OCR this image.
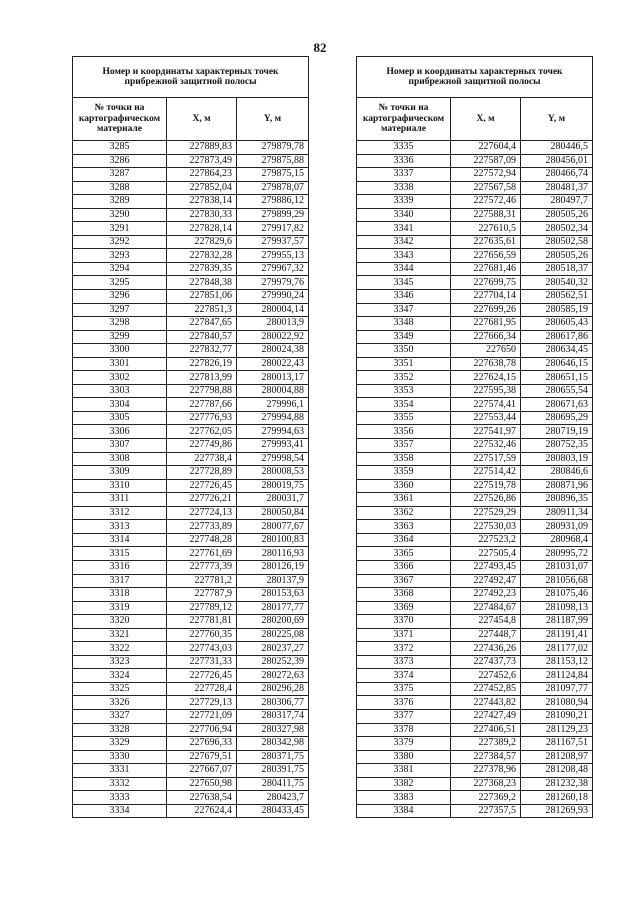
82
Номер и координаты характерных точек прибрежной защитной полосы		
№ точки на картографическом материале	X, м	Y, м
3285	227889,83	279879,78
3286	227873,49	279875,88
3287	227864,23	279875,15
3288	227852,04	279878,07
3289	227838,14	279886,12
3290	227830,33	279899,29
3291	227828,14	279917,82
3292	227829,6	279937,57
3293	227832,28	279955,13
3294	227839,35	279967,32
3295	227848,38	279979,76
3296	227851,06	279990,24
3297	227851,3	280004,14
3298	227847,65	280013,9
3299	227840,57	280022,92
3300	227832,77	280024,38
3301	227826,19	280022,43
3302	227813,99	280013,17
3303	227798,88	280004,88
3304	227787,66	279996,1
3305	227776,93	279994,88
3306	227762,05	279994,63
3307	227749,86	279993,41
3308	227738,4	279998,54
3309	227728,89	280008,53
3310	227726,45	280019,75
3311	227726,21	280031,7
3312	227724,13	280050,84
3313	227733,89	280077,67
3314	227748,28	280100,83
3315	227761,69	280116,93
3316	227773,39	280126,19
3317	227781,2	280137,9
3318	227787,9	280153,63
3319	227789,12	280177,77
3320	227781,81	280200,69
3321	227760,35	280225,08
3322	227743,03	280237,27
3323	227731,33	280252,39
3324	227726,45	280272,63
3325	227728,4	280296,28
3326	227729,13	280306,77
3327	227721,09	280317,74
3328	227706,94	280327,98
3329	227696,33	280342,98
3330	227679,51	280371,75
3331	227667,07	280391,75
3332	227650,98	280411,75
3333	227638,54	280423,7
3334	227624,4	280433,45
Номер и координаты характерных точек прибрежной защитной полосы		
№ точки на картографическом материале	X, м	Y, м
3335	227604,4	280446,5
3336	227587,09	280456,01
3337	227572,94	280466,74
3338	227567,58	280481,37
3339	227572,46	280497,7
3340	227588,31	280505,26
3341	227610,5	280502,34
3342	227635,61	280502,58
3343	227656,59	280505,26
3344	227681,46	280518,37
3345	227699,75	280540,32
3346	227704,14	280562,51
3347	227699,26	280585,19
3348	227681,95	280605,43
3349	227666,34	280617,86
3350	227650	280634,45
3351	227638,78	280646,15
3352	227624,15	280651,15
3353	227595,38	280655,54
3354	227574,41	280671,63
3355	227553,44	280695,29
3356	227541,97	280719,19
3357	227532,46	280752,35
3358	227517,59	280803,19
3359	227514,42	280846,6
3360	227519,78	280871,96
3361	227526,86	280896,35
3362	227529,29	280911,34
3363	227530,03	280931,09
3364	227523,2	280968,4
3365	227505,4	280995,72
3366	227493,45	281031,07
3367	227492,47	281056,68
3368	227492,23	281075,46
3369	227484,67	281098,13
3370	227454,8	281187,99
3371	227448,7	281191,41
3372	227436,26	281177,02
3373	227437,73	281153,12
3374	227452,6	281124,84
3375	227452,85	281097,77
3376	227443,82	281080,94
3377	227427,49	281090,21
3378	227406,51	281129,23
3379	227389,2	281167,51
3380	227384,57	281208,97
3381	227378,96	281208,48
3382	227368,23	281232,38
3383	227369,2	281260,18
3384	227357,5	281269,93
